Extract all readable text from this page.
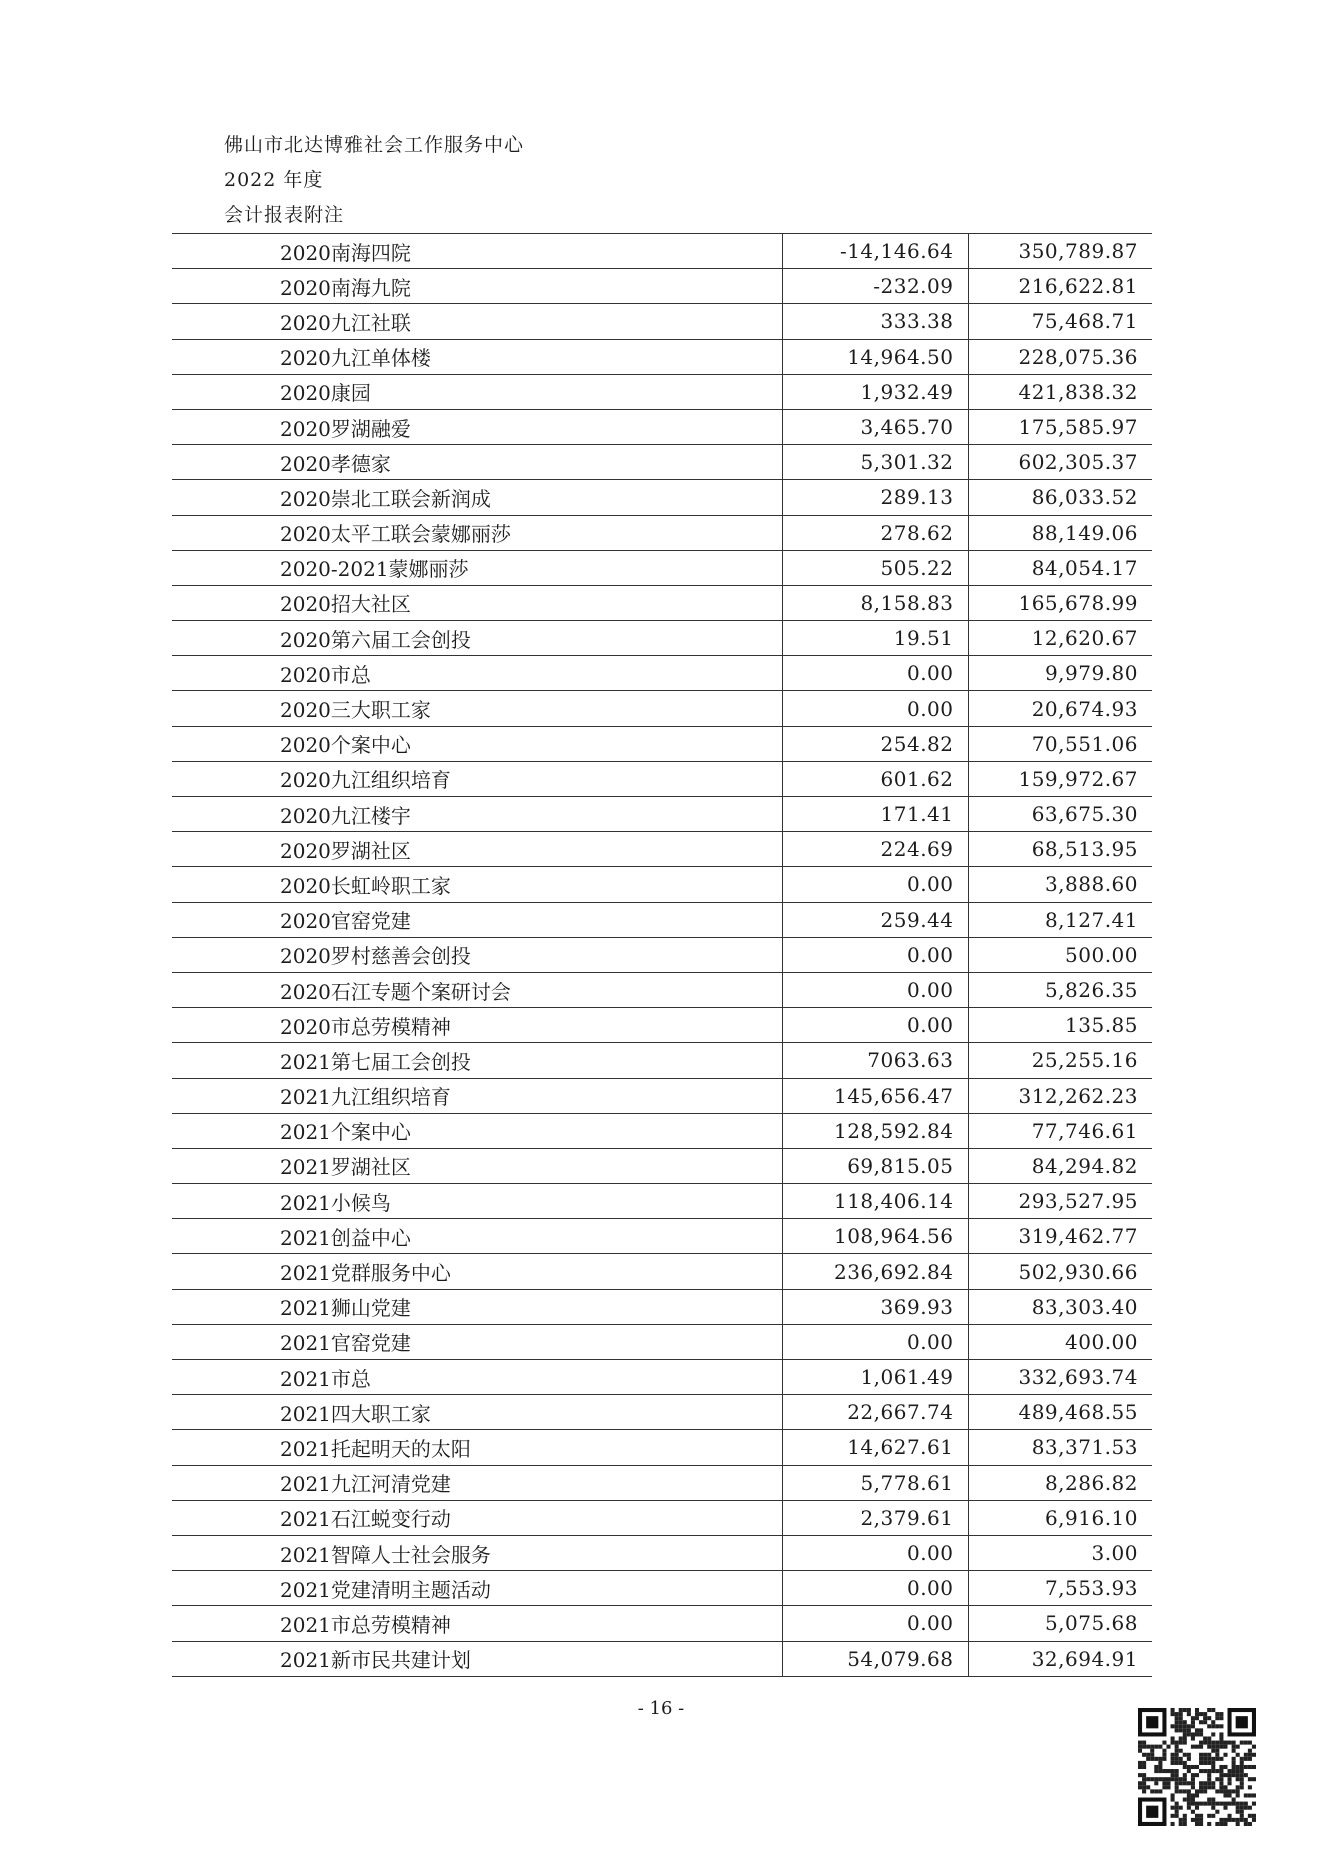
佛山市北达博雅社会工作服务中心
2022 年度
会计报表附注
2020南海四院	-14,146.64	350,789.87
2020南海九院	-232.09	216,622.81
2020九江社联	333.38	75,468.71
2020九江单体楼	14,964.50	228,075.36
2020康园	1,932.49	421,838.32
2020罗湖融爱	3,465.70	175,585.97
2020孝德家	5,301.32	602,305.37
2020崇北工联会新润成	289.13	86,033.52
2020太平工联会蒙娜丽莎	278.62	88,149.06
2020-2021蒙娜丽莎	505.22	84,054.17
2020招大社区	8,158.83	165,678.99
2020第六届工会创投	19.51	12,620.67
2020市总	0.00	9,979.80
2020三大职工家	0.00	20,674.93
2020个案中心	254.82	70,551.06
2020九江组织培育	601.62	159,972.67
2020九江楼宇	171.41	63,675.30
2020罗湖社区	224.69	68,513.95
2020长虹岭职工家	0.00	3,888.60
2020官窑党建	259.44	8,127.41
2020罗村慈善会创投	0.00	500.00
2020石江专题个案研讨会	0.00	5,826.35
2020市总劳模精神	0.00	135.85
2021第七届工会创投	7063.63	25,255.16
2021九江组织培育	145,656.47	312,262.23
2021个案中心	128,592.84	77,746.61
2021罗湖社区	69,815.05	84,294.82
2021小候鸟	118,406.14	293,527.95
2021创益中心	108,964.56	319,462.77
2021党群服务中心	236,692.84	502,930.66
2021狮山党建	369.93	83,303.40
2021官窑党建	0.00	400.00
2021市总	1,061.49	332,693.74
2021四大职工家	22,667.74	489,468.55
2021托起明天的太阳	14,627.61	83,371.53
2021九江河清党建	5,778.61	8,286.82
2021石江蜕变行动	2,379.61	6,916.10
2021智障人士社会服务	0.00	3.00
2021党建清明主题活动	0.00	7,553.93
2021市总劳模精神	0.00	5,075.68
2021新市民共建计划	54,079.68	32,694.91
- 16 -
